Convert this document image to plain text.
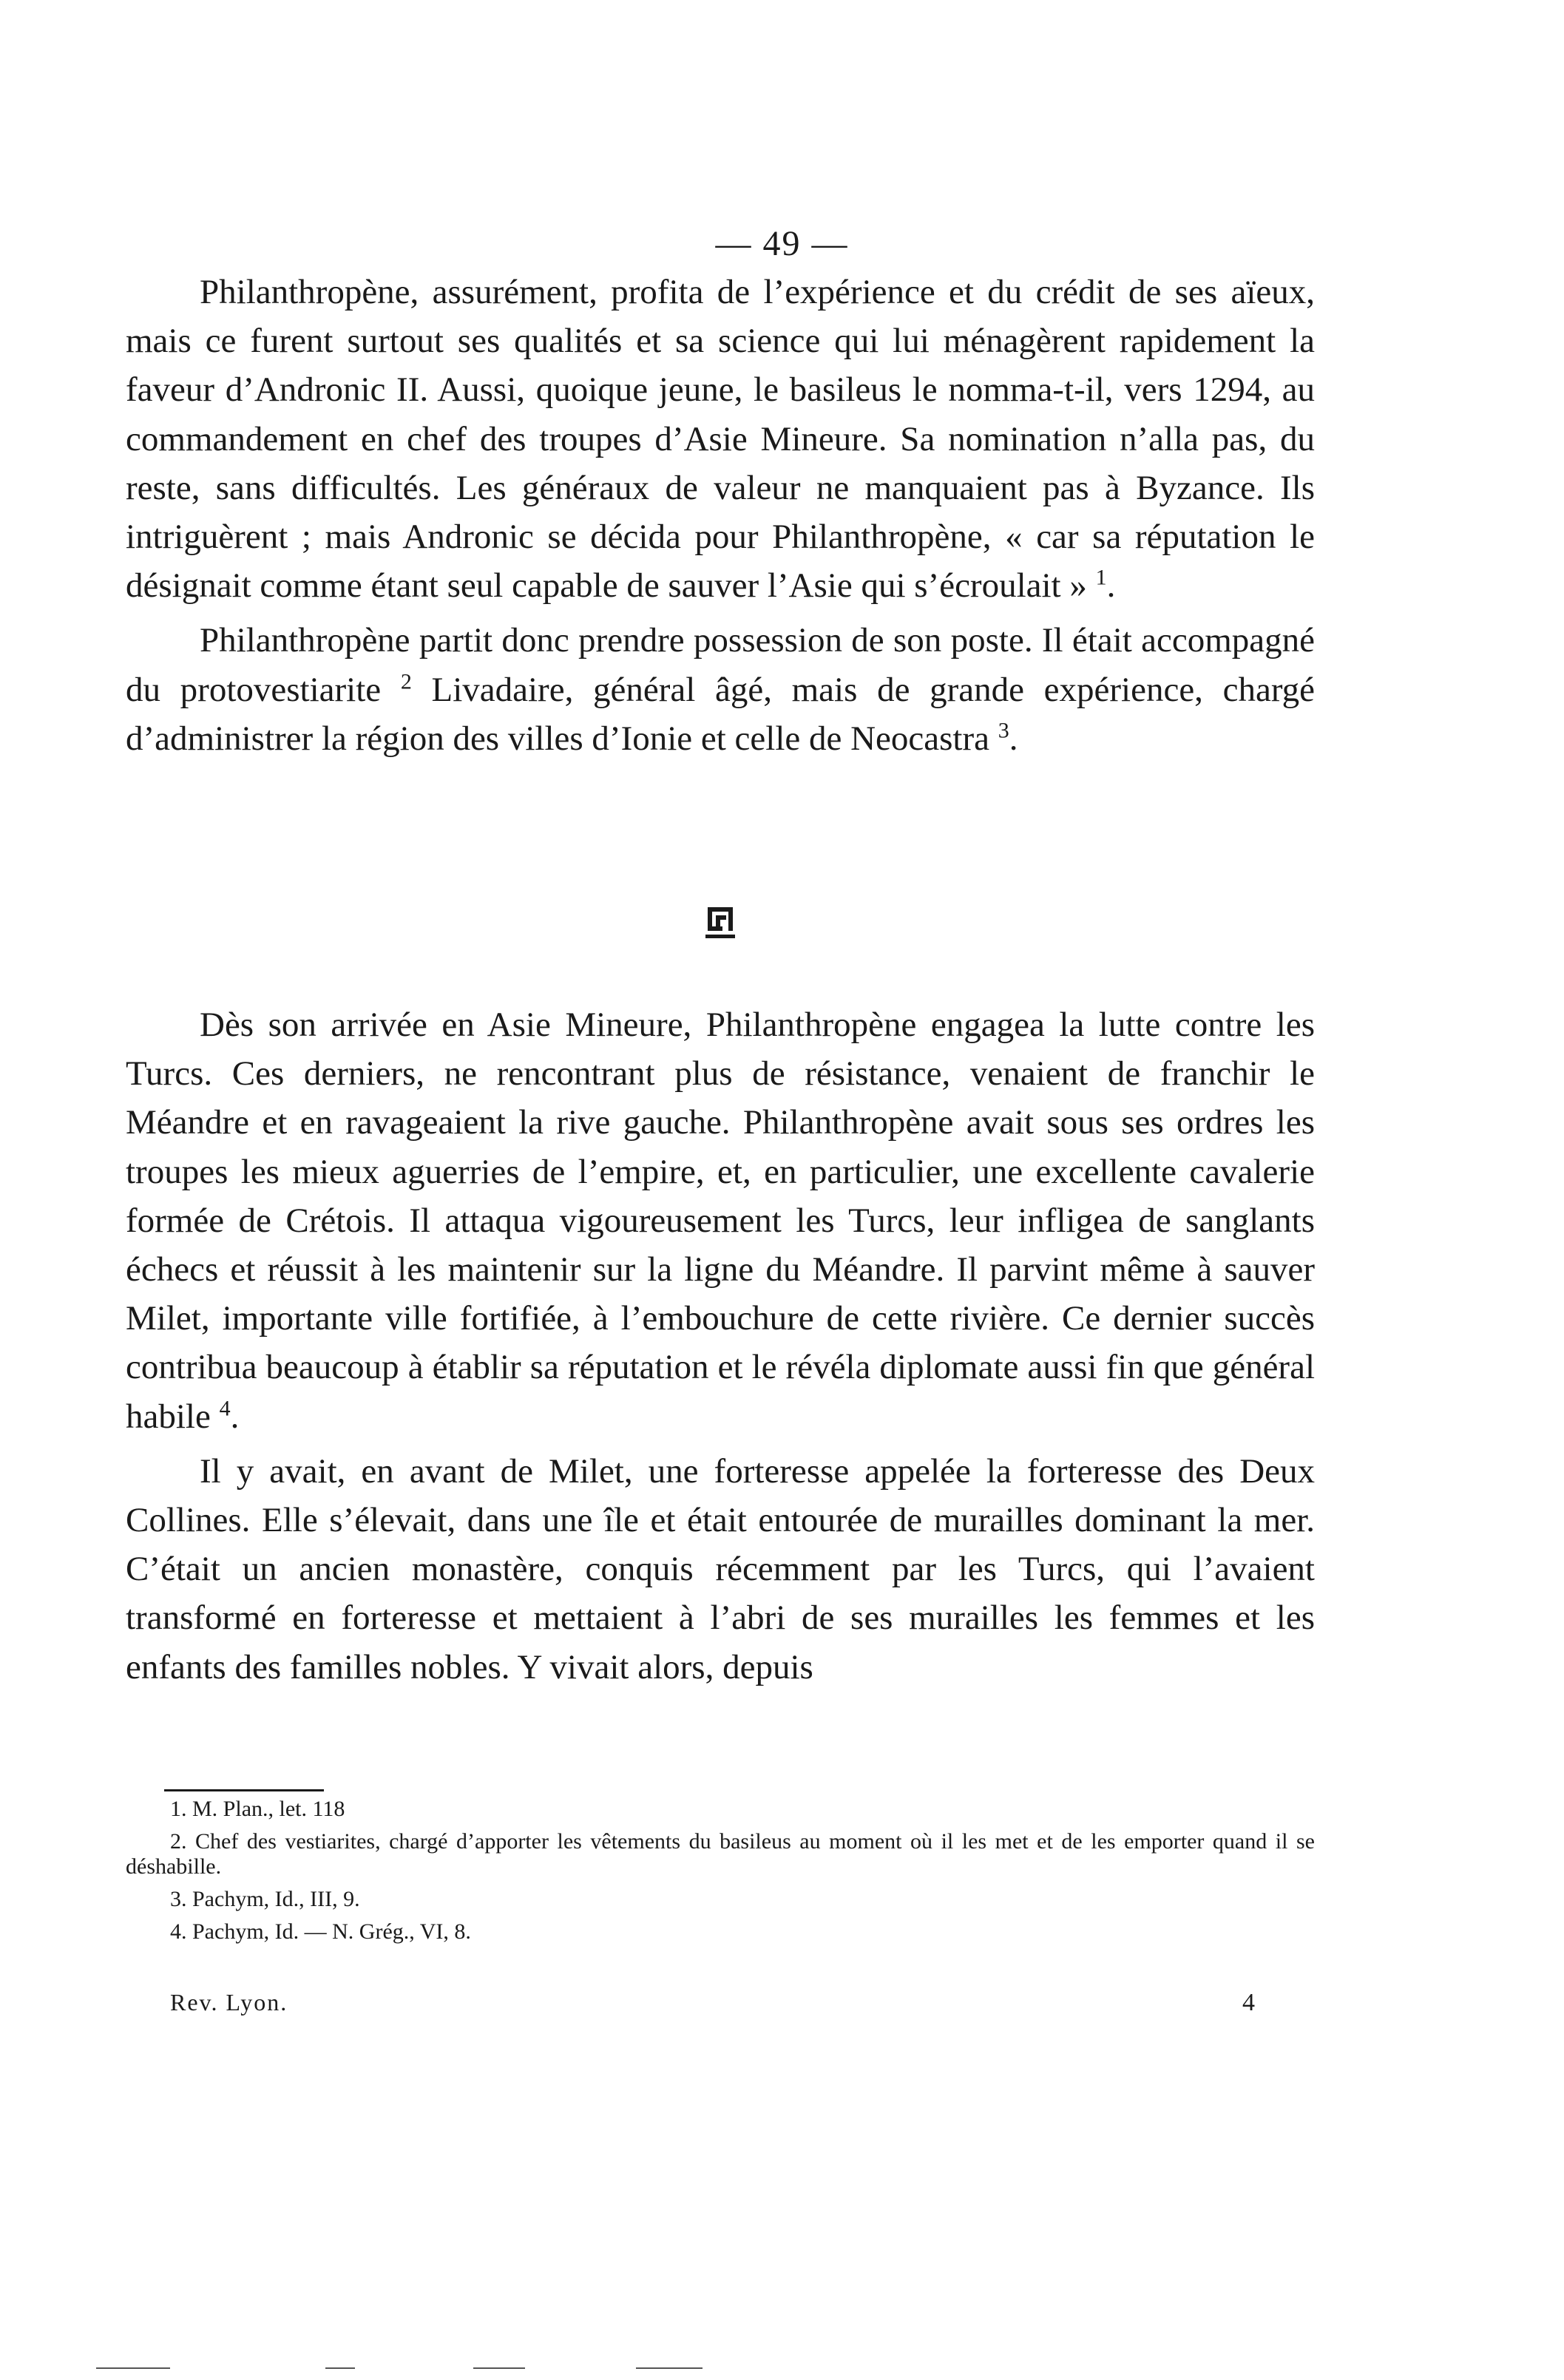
— 49 —

Philanthropène, assurément, profita de l’expérience et du crédit de ses aïeux, mais ce furent surtout ses qualités et sa science qui lui ménagèrent rapidement la faveur d’Andronic II. Aussi, quoique jeune, le basileus le nomma-t-il, vers 1294, au commandement en chef des troupes d’Asie Mineure. Sa nomination n’alla pas, du reste, sans difficultés. Les généraux de valeur ne manquaient pas à Byzance. Ils intriguèrent ; mais Andronic se décida pour Philanthropène, « car sa réputation le désignait comme étant seul capable de sauver l’Asie qui s’écroulait » $^1$.

Philanthropène partit donc prendre possession de son poste. Il était accompagné du protovestiarite $^2$ Livadaire, général âgé, mais de grande expérience, chargé d’administrer la région des villes d’Ionie et celle de Neocastra $^3$.

Dès son arrivée en Asie Mineure, Philanthropène engagea la lutte contre les Turcs. Ces derniers, ne rencontrant plus de résistance, venaient de franchir le Méandre et en ravageaient la rive gauche. Philanthropène avait sous ses ordres les troupes les mieux aguerries de l’empire, et, en particulier, une excellente cavalerie formée de Crétois. Il attaqua vigoureusement les Turcs, leur infligea de sanglants échecs et réussit à les maintenir sur la ligne du Méandre. Il parvint même à sauver Milet, importante ville fortifiée, à l’embouchure de cette rivière. Ce dernier succès contribua beaucoup à établir sa réputation et le révéla diplomate aussi fin que général habile $^4$.

Il y avait, en avant de Milet, une forteresse appelée la forteresse des Deux Collines. Elle s’élevait, dans une île et était entourée de murailles dominant la mer. C’était un ancien monastère, conquis récemment par les Turcs, qui l’avaient transformé en forteresse et mettaient à l’abri de ses murailles les femmes et les enfants des familles nobles. Y vivait alors, depuis

1. M. Plan., let. 118

2. Chef des vestiarites, chargé d’apporter les vêtements du basileus au moment où il les met et de les emporter quand il se déshabille.

3. Pachym, Id., III, 9.

4. Pachym, Id. — N. Grég., VI, 8.

Rev. Lyon.	4
